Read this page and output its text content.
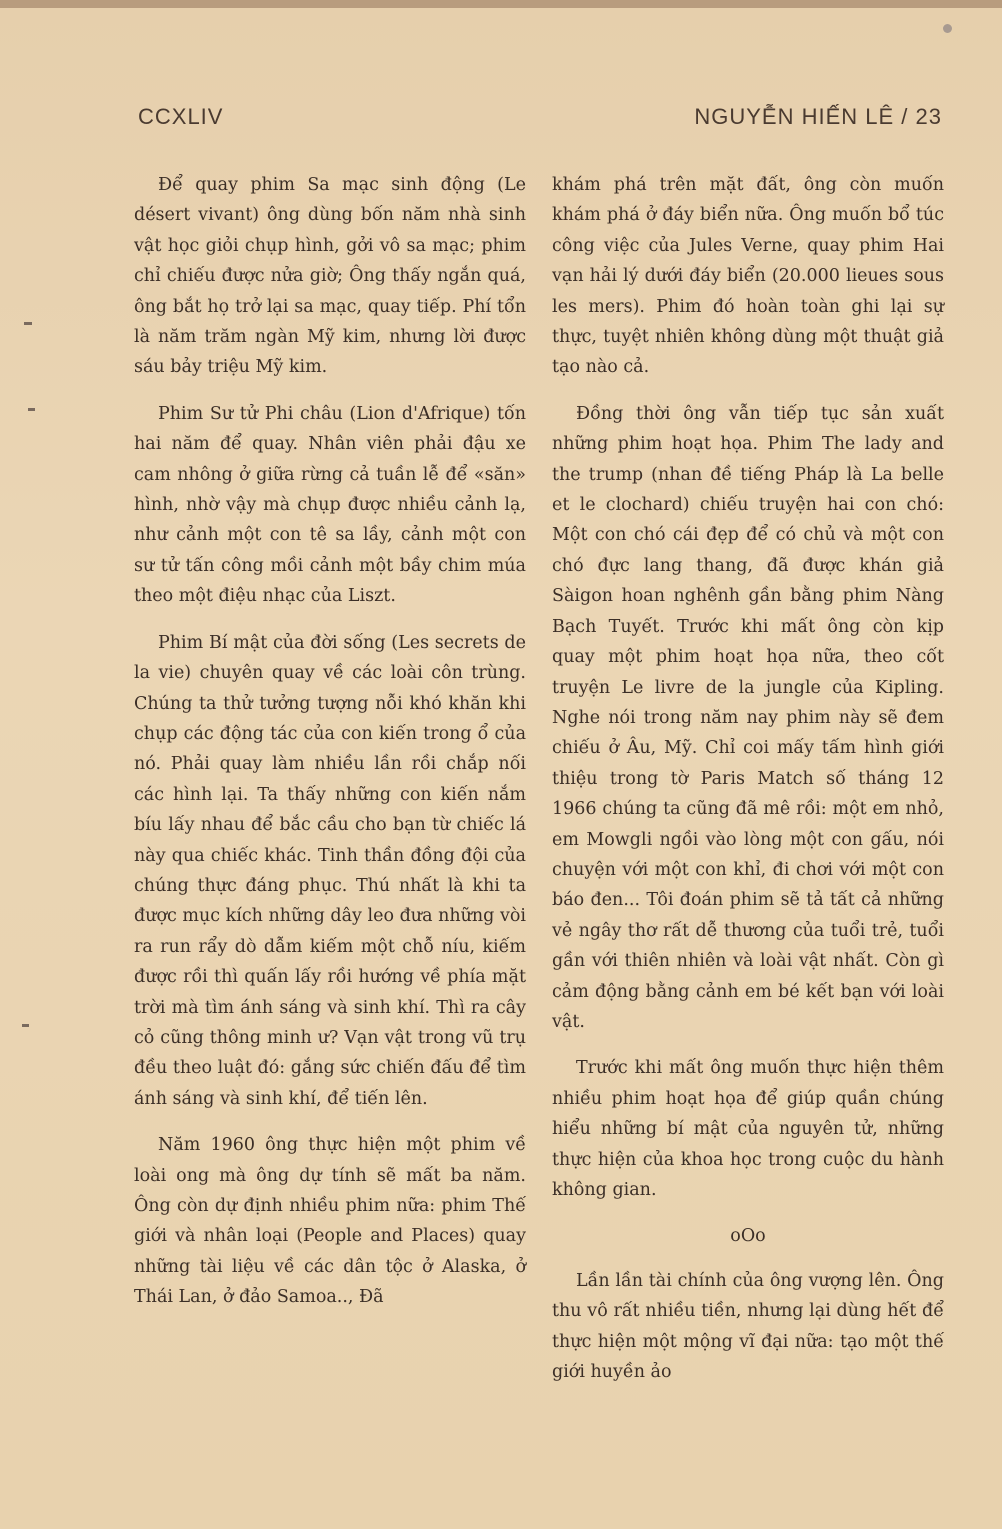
CCXLIV	NGUYỄN HIẾN LÊ / 23

Để quay phim Sa mạc sinh động (Le désert vivant) ông dùng bốn năm nhà sinh vật học giỏi chụp hình, gởi vô sa mạc; phim chỉ chiếu được nửa giờ; Ông thấy ngắn quá, ông bắt họ trở lại sa mạc, quay tiếp. Phí tổn là năm trăm ngàn Mỹ kim, nhưng lời được sáu bảy triệu Mỹ kim.

Phim Sư tử Phi châu (Lion d'Afrique) tốn hai năm để quay. Nhân viên phải đậu xe cam nhông ở giữa rừng cả tuần lễ để «săn» hình, nhờ vậy mà chụp được nhiều cảnh lạ, như cảnh một con tê sa lầy, cảnh một con sư tử tấn công mồi cảnh một bầy chim múa theo một điệu nhạc của Liszt.

Phim Bí mật của đời sống (Les secrets de la vie) chuyên quay về các loài côn trùng. Chúng ta thử tưởng tượng nỗi khó khăn khi chụp các động tác của con kiến trong ổ của nó. Phải quay làm nhiều lần rồi chắp nối các hình lại. Ta thấy những con kiến nắm bíu lấy nhau để bắc cầu cho bạn từ chiếc lá này qua chiếc khác. Tinh thần đồng đội của chúng thực đáng phục. Thú nhất là khi ta được mục kích những dây leo đưa những vòi ra run rẩy dò dẫm kiếm một chỗ níu, kiếm được rồi thì quấn lấy rồi hướng về phía mặt trời mà tìm ánh sáng và sinh khí. Thì ra cây cỏ cũng thông minh ư? Vạn vật trong vũ trụ đều theo luật đó: gắng sức chiến đấu để tìm ánh sáng và sinh khí, để tiến lên.

Năm 1960 ông thực hiện một phim về loài ong mà ông dự tính sẽ mất ba năm. Ông còn dự định nhiều phim nữa: phim Thế giới và nhân loại (People and Places) quay những tài liệu về các dân tộc ở Alaska, ở Thái Lan, ở đảo Samoa.., Đã

khám phá trên mặt đất, ông còn muốn khám phá ở đáy biển nữa. Ông muốn bổ túc công việc của Jules Verne, quay phim Hai vạn hải lý dưới đáy biển (20.000 lieues sous les mers). Phim đó hoàn toàn ghi lại sự thực, tuyệt nhiên không dùng một thuật giả tạo nào cả.

Đồng thời ông vẫn tiếp tục sản xuất những phim hoạt họa. Phim The lady and the trump (nhan đề tiếng Pháp là La belle et le clochard) chiếu truyện hai con chó: Một con chó cái đẹp để có chủ và một con chó đực lang thang, đã được khán giả Sàigon hoan nghênh gần bằng phim Nàng Bạch Tuyết. Trước khi mất ông còn kịp quay một phim hoạt họa nữa, theo cốt truyện Le livre de la jungle của Kipling. Nghe nói trong năm nay phim này sẽ đem chiếu ở Âu, Mỹ. Chỉ coi mấy tấm hình giới thiệu trong tờ Paris Match số tháng 12 1966 chúng ta cũng đã mê rồi: một em nhỏ, em Mowgli ngồi vào lòng một con gấu, nói chuyện với một con khỉ, đi chơi với một con báo đen... Tôi đoán phim sẽ tả tất cả những vẻ ngây thơ rất dễ thương của tuổi trẻ, tuổi gần với thiên nhiên và loài vật nhất. Còn gì cảm động bằng cảnh em bé kết bạn với loài vật.

Trước khi mất ông muốn thực hiện thêm nhiều phim hoạt họa để giúp quần chúng hiểu những bí mật của nguyên tử, những thực hiện của khoa học trong cuộc du hành không gian.

oOo

Lần lần tài chính của ông vượng lên. Ông thu vô rất nhiều tiền, nhưng lại dùng hết để thực hiện một mộng vĩ đại nữa: tạo một thế giới huyền ảo
